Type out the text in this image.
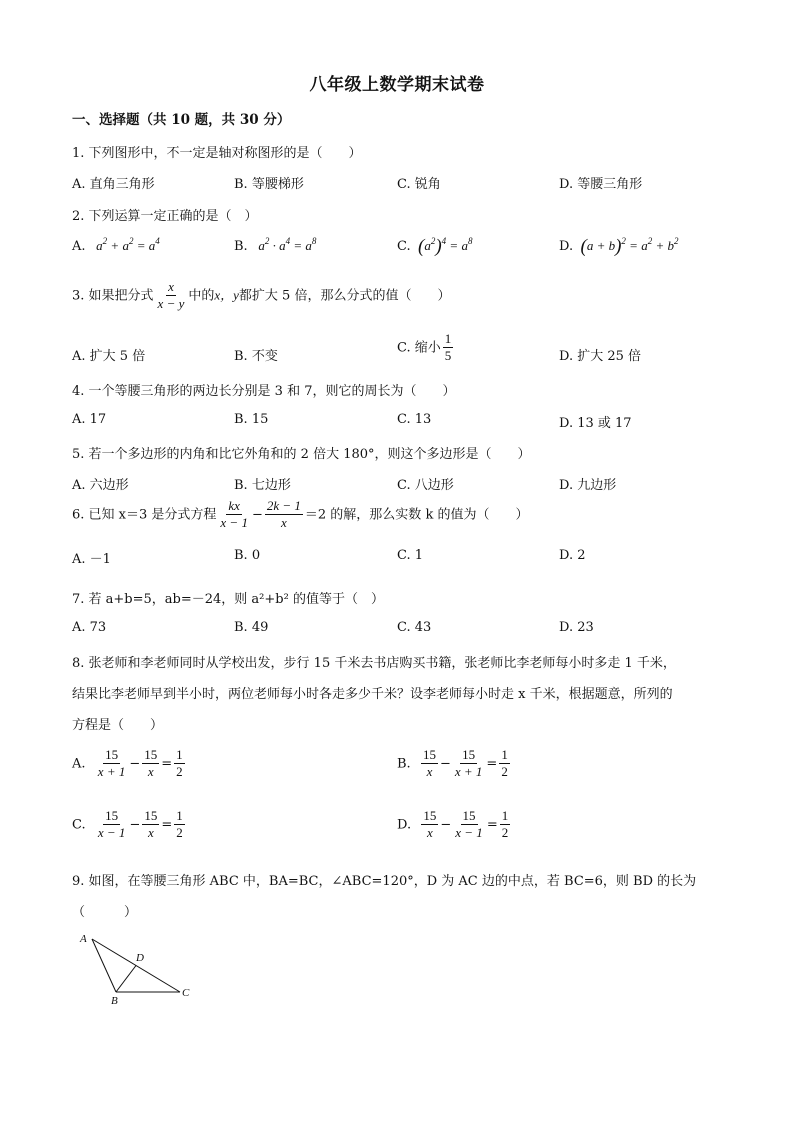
八年级上数学期末试卷
一、选择题（共 10 题，共 30 分）
1. 下列图形中，不一定是轴对称图形的是（　　）
A. 直角三角形	B. 等腰梯形	C. 锐角	D. 等腰三角形
2. 下列运算一定正确的是（　）
A.   $a^2 + a^2 = a^4$	B.   $a^2 \cdot a^4 = a^8$	C. $(a^2)^4 = a^8$	D. $(a + b)^2 = a^2 + b^2$
3. 如果把分式 $\frac{x}{x - y}$ 中的x，y都扩大 5 倍，那么分式的值（　　）
A. 扩大 5 倍	B. 不变
C. 缩小 $\frac{1}{5}$	D. 扩大 25 倍
4. 一个等腰三角形的两边长分别是 3 和 7，则它的周长为（　　）
A. 17	B. 15	C. 13	D. 13 或 17
5. 若一个多边形的内角和比它外角和的 2 倍大 180°，则这个多边形是（　　）
A. 六边形	B. 七边形	C. 八边形	D. 九边形
6. 已知 x＝3 是分式方程 $\frac{kx}{x - 1} - \frac{2k - 1}{x} =2$ 的解，那么实数 k 的值为（　　）
A. －1	B. 0	C. 1	D. 2
7. 若 a+b=5，ab=－24，则 a²+b² 的值等于（　）
A. 73	B. 49	C. 43	D. 23
8. 张老师和李老师同时从学校出发，步行 15 千米去书店购买书籍，张老师比李老师每小时多走 1 千米，
结果比李老师早到半小时，两位老师每小时各走多少千米？设李老师每小时走 x 千米，根据题意，所列的
方程是（　　）
A. $\frac{15}{x + 1} - \frac{15}{x} = \frac{1}{2}$	B. $\frac{15}{x} - \frac{15}{x + 1} = \frac{1}{2}$
C. $\frac{15}{x - 1} - \frac{15}{x} = \frac{1}{2}$	D. $\frac{15}{x} - \frac{15}{x - 1} = \frac{1}{2}$
9. 如图，在等腰三角形 ABC 中，BA=BC，∠ABC=120°，D 为 AC 边的中点，若 BC=6，则 BD 的长为
（　　　）
A
B
C
D
